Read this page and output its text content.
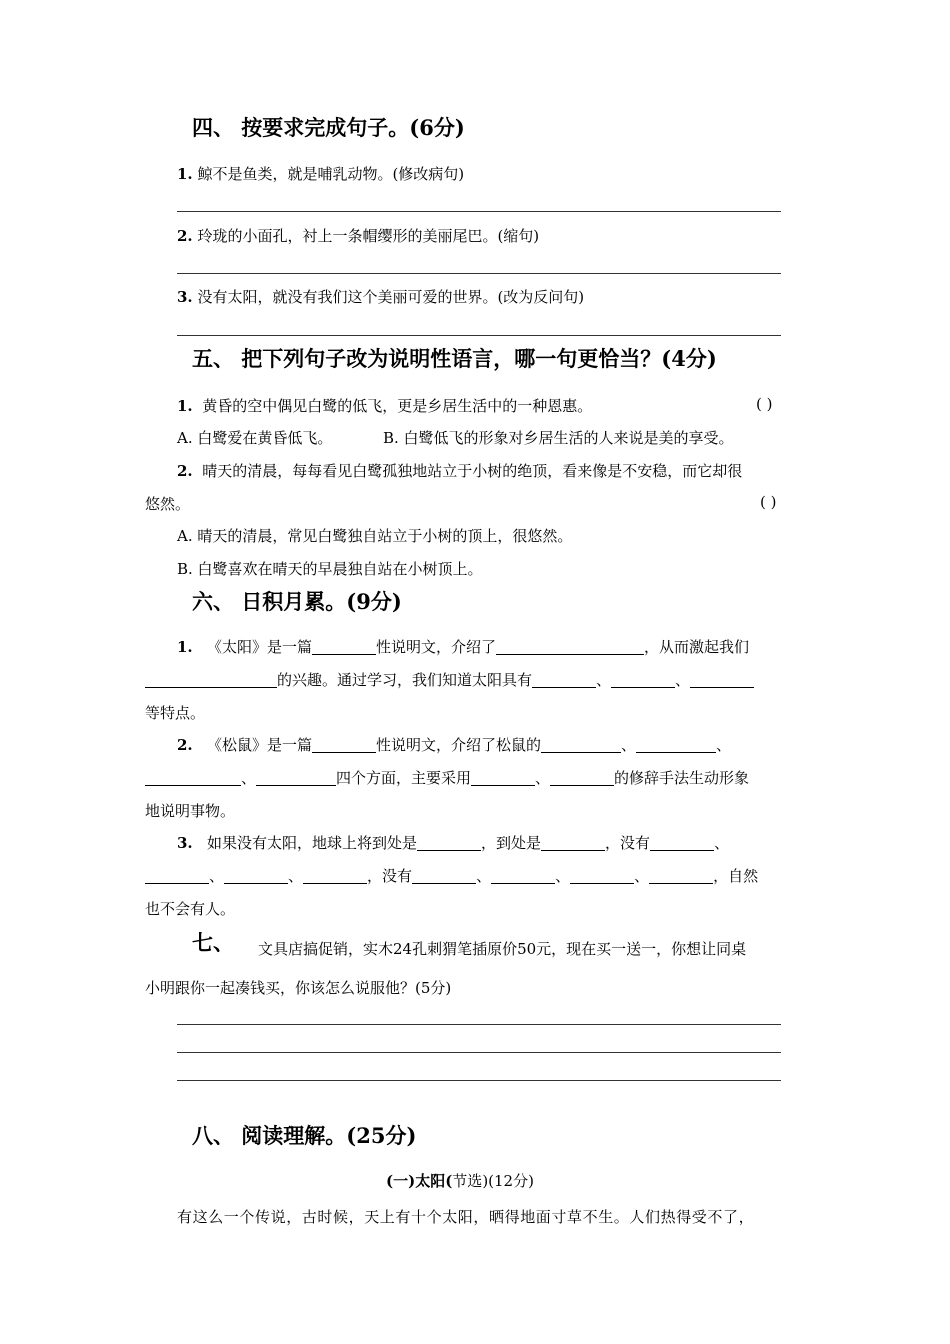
四、 按要求完成句子。(6分)
1. 鲸不是鱼类，就是哺乳动物。(修改病句)
2. 玲珑的小面孔，衬上一条帽缨形的美丽尾巴。(缩句)
3. 没有太阳，就没有我们这个美丽可爱的世界。(改为反问句)
五、 把下列句子改为说明性语言，哪一句更恰当？(4分)
1. 黄昏的空中偶见白鹭的低飞，更是乡居生活中的一种恩惠。	( )
A. 白鹭爱在黄昏低飞。	B. 白鹭低飞的形象对乡居生活的人来说是美的享受。
2. 晴天的清晨，每每看见白鹭孤独地站立于小树的绝顶，看来像是不安稳，而它却很
悠然。	( )
A. 晴天的清晨，常见白鹭独自站立于小树的顶上，很悠然。
B. 白鹭喜欢在晴天的早晨独自站在小树顶上。
六、 日积月累。(9分)
1. 《太阳》是一篇	性说明文，介绍了	，从而激起我们
的兴趣。通过学习，我们知道太阳具有	、	、
等特点。
2. 《松鼠》是一篇	性说明文，介绍了松鼠的	、	、
、	四个方面，主要采用	、	的修辞手法生动形象
地说明事物。
3. 如果没有太阳，地球上将到处是	，到处是	，没有	、
、	、	，没有	、	、	、	，自然
也不会有人。
七、 文具店搞促销，实木24孔刺猬笔插原价50元，现在买一送一，你想让同桌
小明跟你一起凑钱买，你该怎么说服他？(5分)
八、 阅读理解。(25分)
(一)太阳(节选)(12分)
有这么一个传说，古时候，天上有十个太阳，晒得地面寸草不生。人们热得受不了，
